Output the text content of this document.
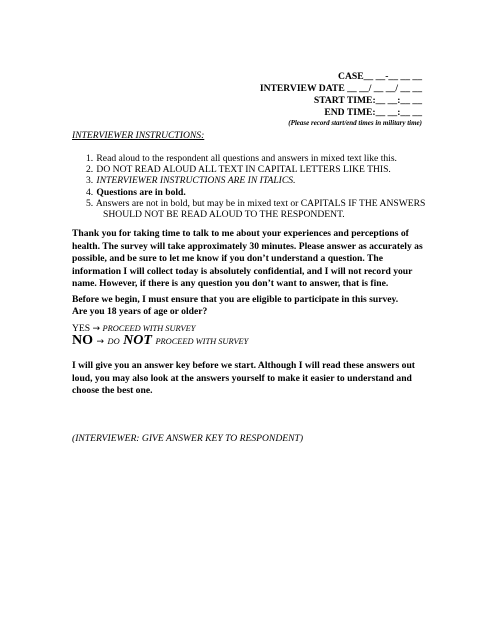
CASE__ __-__ __ __
INTERVIEW DATE __ __/ __ __/ __ __
START TIME:__ __:__ __
END TIME:__ __:__ __
(Please record start/end times in military time)
INTERVIEWER INSTRUCTIONS:
1. Read aloud to the respondent all questions and answers in mixed text like this.
2. DO NOT READ ALOUD ALL TEXT IN CAPITAL LETTERS LIKE THIS.
3. INTERVIEWER INSTRUCTIONS ARE IN ITALICS.
4. Questions are in bold.
5. Answers are not in bold, but may be in mixed text or CAPITALS IF THE ANSWERS
SHOULD NOT BE READ ALOUD TO THE RESPONDENT.

Thank you for taking time to talk to me about your experiences and perceptions of health. The survey will take approximately 30 minutes. Please answer as accurately as possible, and be sure to let me know if you don’t understand a question. The information I will collect today is absolutely confidential, and I will not record your name. However, if there is any question you don’t want to answer, that is fine.

Before we begin, I must ensure that you are eligible to participate in this survey.

Are you 18 years of age or older?

YES → PROCEED WITH SURVEY
NO → DO NOT PROCEED WITH SURVEY

I will give you an answer key before we start. Although I will read these answers out loud, you may also look at the answers yourself to make it easier to understand and choose the best one.

(INTERVIEWER: GIVE ANSWER KEY TO RESPONDENT)
